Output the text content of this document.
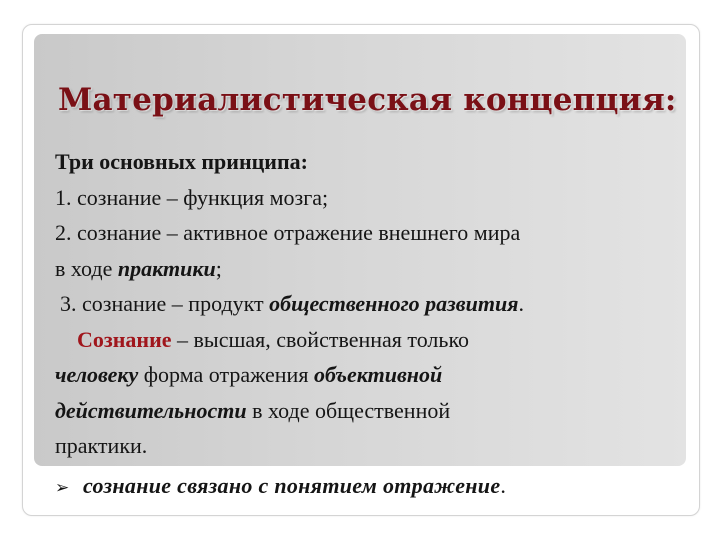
Материалистическая концепция:

Три основных принципа:

1. сознание – функция мозга;

2. сознание – активное отражение внешнего мира

в ходе практики;

3. сознание – продукт общественного развития.

Сознание – высшая, свойственная только

человеку форма отражения объективной

действительности в ходе общественной

практики.

➢ сознание связано с понятием отражение.
